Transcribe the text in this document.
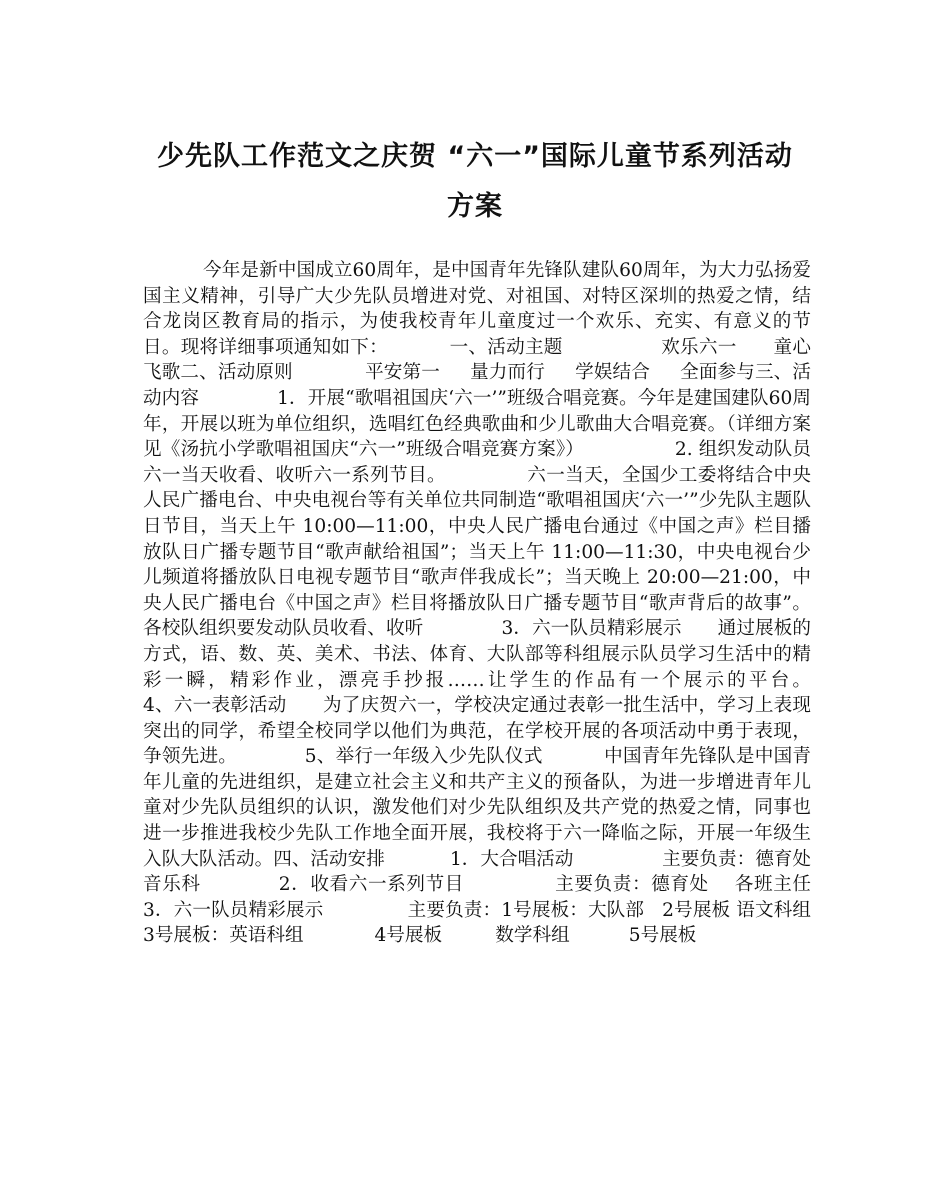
少先队工作范文之庆贺 “六一”国际儿童节系列活动
方案

今年是新中国成立60周年，是中国青年先锋队建队60周年，为大力弘扬爱国主义精神，引导广大少先队员增进对党、对祖国、对特区深圳的热爱之情，结合龙岗区教育局的指示，为使我校青年儿童度过一个欢乐、充实、有意义的节日。现将详细事项通知如下：          一、活动主题                欢乐六一      童心飞歌二、活动原则            平安第一     量力而行     学娱结合     全面参与三、活动内容             1．开展“歌唱祖国庆‘六一’”班级合唱竞赛。今年是建国建队60周年，开展以班为单位组织，选唱红色经典歌曲和少儿歌曲大合唱竞赛。（详细方案见《汤抗小学歌唱祖国庆“六一”班级合唱竞赛方案》）               2. 组织发动队员六一当天收看、收听六一系列节目。             六一当天，全国少工委将结合中央人民广播电台、中央电视台等有关单位共同制造“歌唱祖国庆‘六一’”少先队主题队日节目，当天上午 10:00—11:00，中央人民广播电台通过《中国之声》栏目播放队日广播专题节目“歌声献给祖国”；当天上午 11:00—11:30，中央电视台少儿频道将播放队日电视专题节目“歌声伴我成长”；当天晚上 20:00—21:00，中央人民广播电台《中国之声》栏目将播放队日广播专题节目“歌声背后的故事”。各校队组织要发动队员收看、收听             3．六一队员精彩展示      通过展板的方式，语、数、英、美术、书法、体育、大队部等科组展示队员学习生活中的精彩一瞬，精彩作业，漂亮手抄报……让学生的作品有一个展示的平台。            4、六一表彰活动      为了庆贺六一，学校决定通过表彰一批生活中，学习上表现突出的同学，希望全校同学以他们为典范，在学校开展的各项活动中勇于表现，争领先进。           5、举行一年级入少先队仪式          中国青年先锋队是中国青年儿童的先进组织，是建立社会主义和共产主义的预备队，为进一步增进青年儿童对少先队员组织的认识，激发他们对少先队组织及共产党的热爱之情，同事也进一步推进我校少先队工作地全面开展，我校将于六一降临之际，开展一年级生入队大队活动。四、活动安排           1．大合唱活动               主要负责：德育处 音乐科            2．收看六一系列节目              主要负责：德育处    各班主任            3．六一队员精彩展示              主要负责：1号展板：大队部   2号展板 语文科组          3号展板：英语科组            4号展板         数学科组          5号展板
